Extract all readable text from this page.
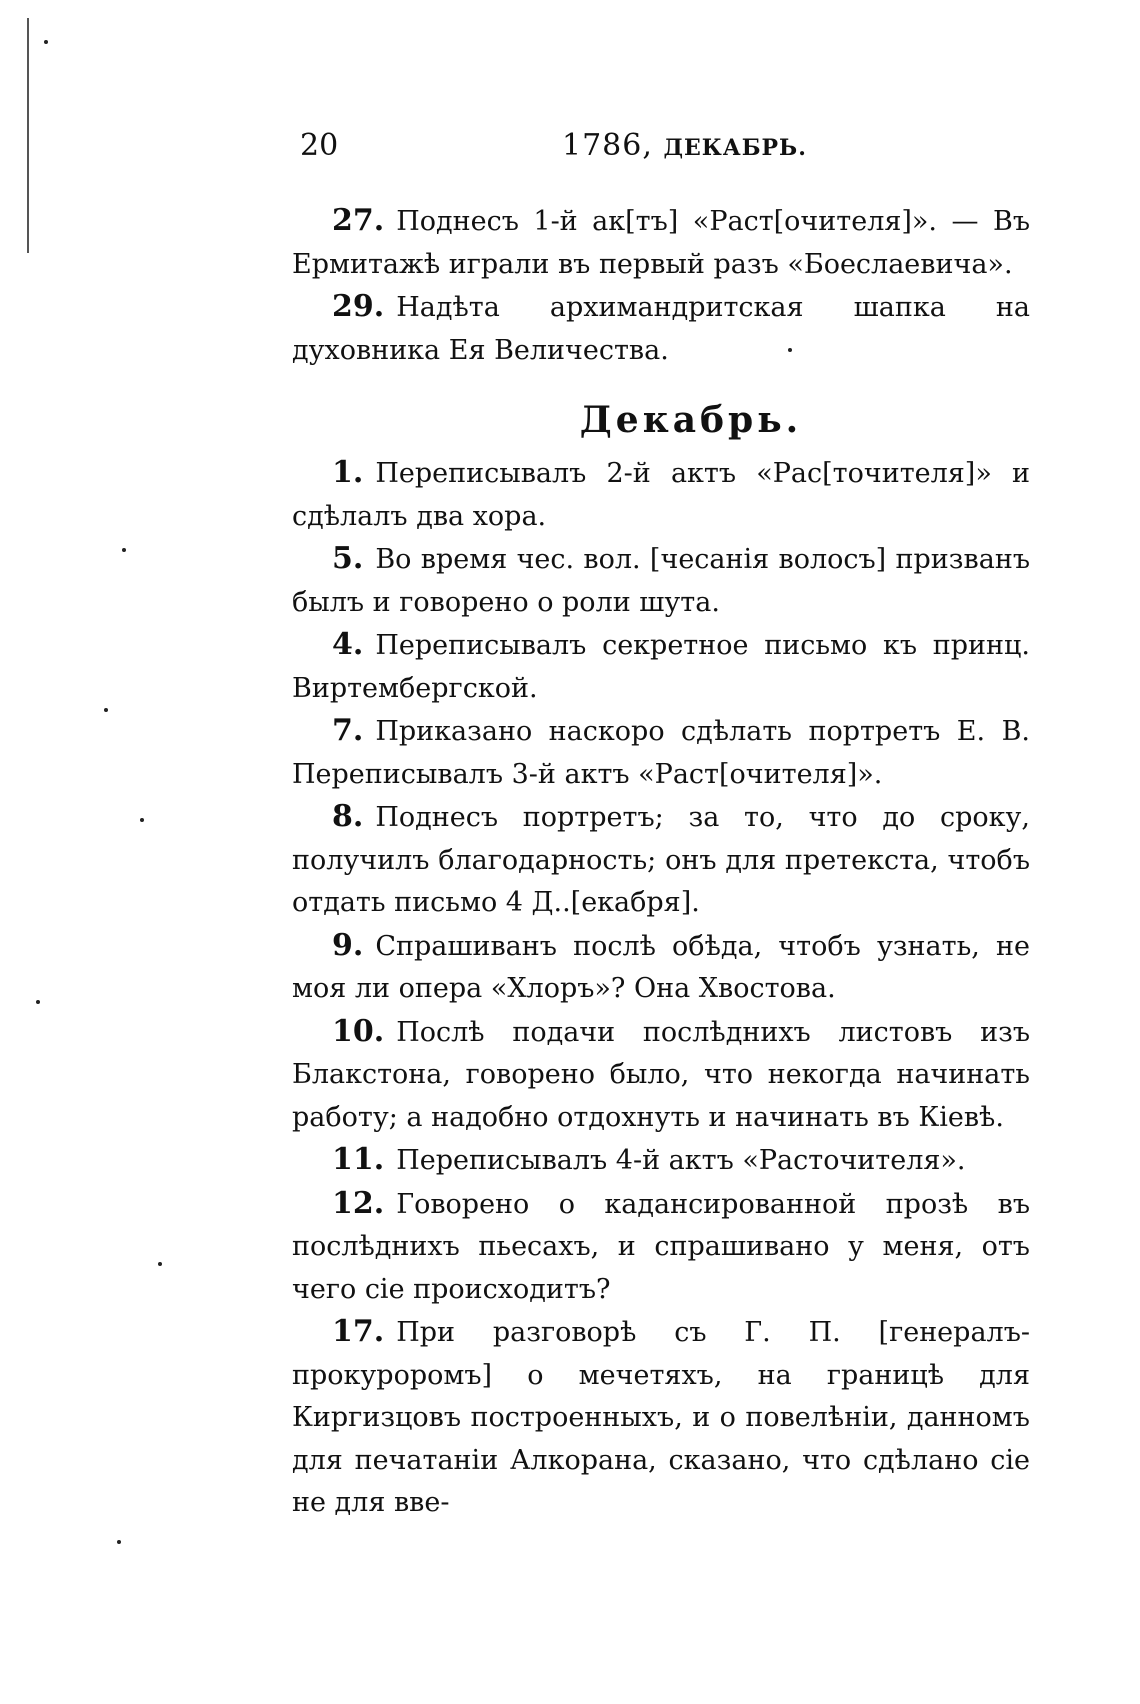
20	1786, ДЕКАБРЬ.

27. Поднесъ 1-й ак[тъ] «Раст[очителя]». — Въ Ермитажѣ играли въ первый разъ «Боеслаевича».

29. Надѣта архимандритская шапка на духовника Ея Величества.

Декабрь.

1. Переписывалъ 2-й актъ «Рас[точителя]» и сдѣлалъ два хора.

5. Во время чес. вол. [чесанія волосъ] призванъ былъ и говорено о роли шута.

4. Переписывалъ секретное письмо къ принц. Виртембергской.

7. Приказано наскоро сдѣлать портретъ Е. В. Переписывалъ 3-й актъ «Раст[очителя]».

8. Поднесъ портретъ; за то, что до сроку, получилъ благодарность; онъ для претекста, чтобъ отдать письмо 4 Д..[екабря].

9. Спрашиванъ послѣ обѣда, чтобъ узнать, не моя ли опера «Хлоръ»? Она Хвостова.

10. Послѣ подачи послѣднихъ листовъ изъ Блакстона, говорено было, что некогда начинать работу; а надобно отдохнуть и начинать въ Кіевѣ.

11. Переписывалъ 4-й актъ «Расточителя».

12. Говорено о кадансированной прозѣ въ послѣднихъ пьесахъ, и спрашивано у меня, отъ чего сіе происходитъ?

17. При разговорѣ съ Г. П. [генералъ-прокуроромъ] о мечетяхъ, на границѣ для Киргизцовъ построенныхъ, и о повелѣніи, данномъ для печатаніи Алкорана, сказано, что сдѣлано сіе не для вве-
